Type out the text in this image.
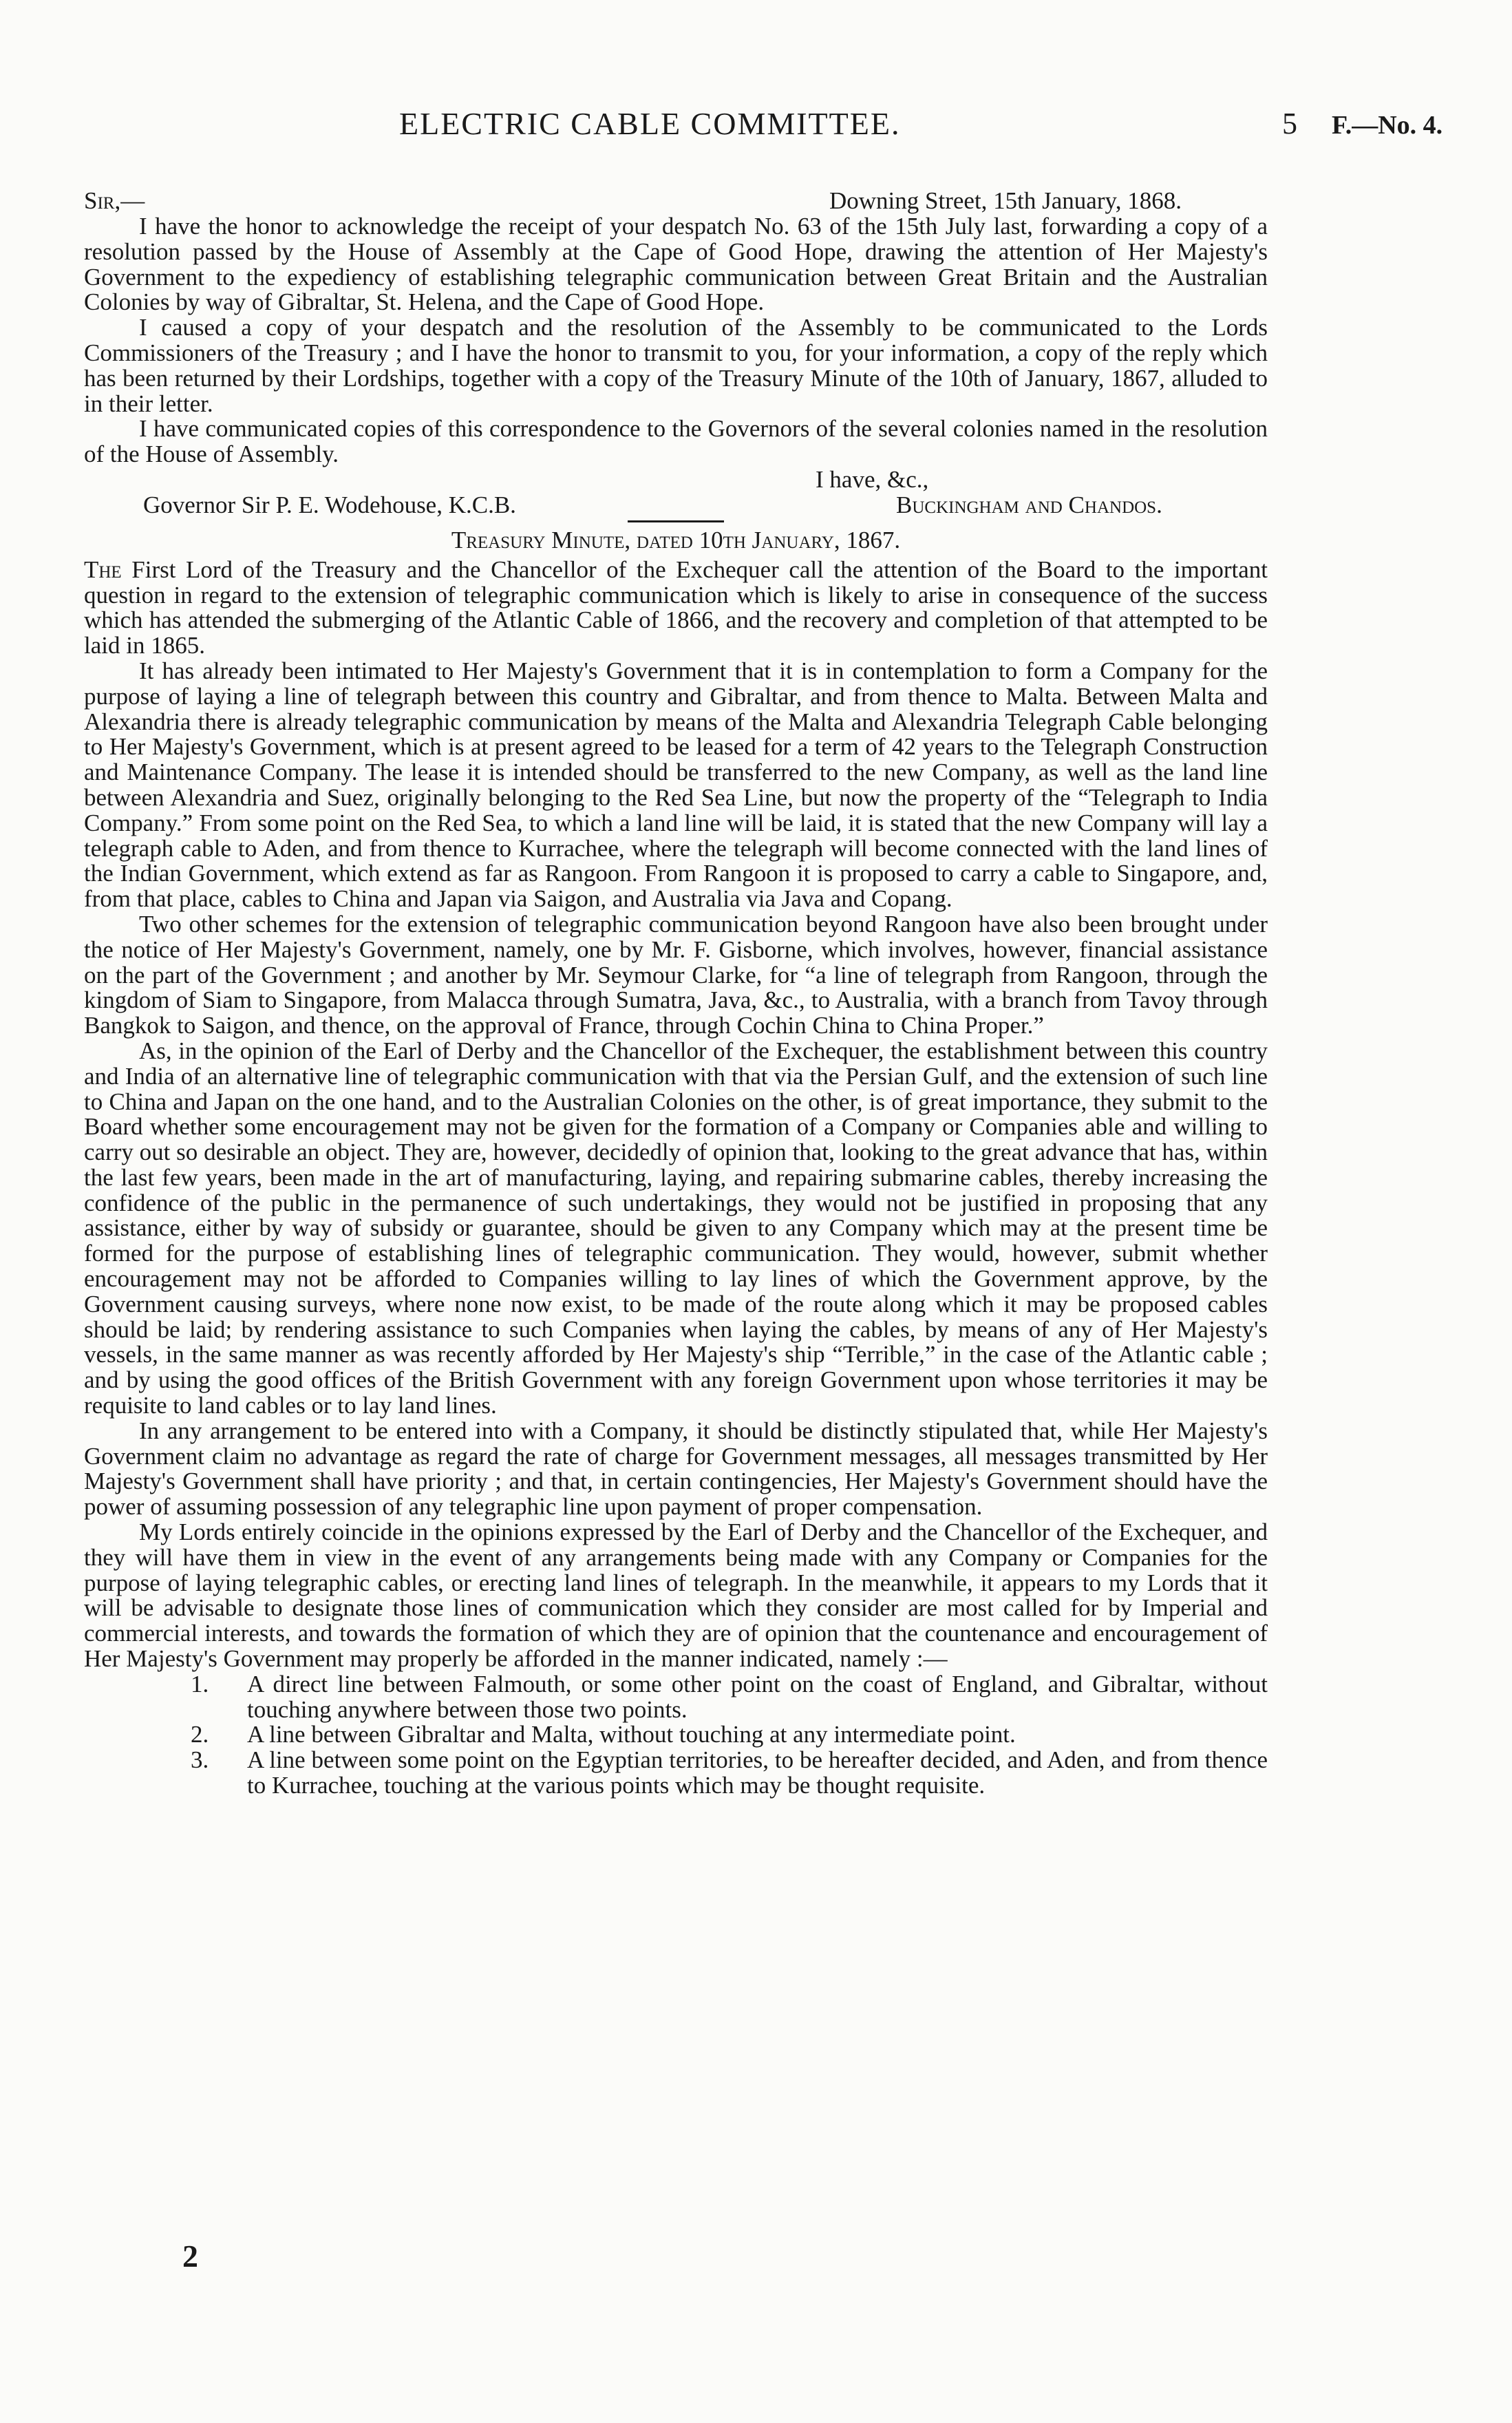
ELECTRIC CABLE COMMITTEE.	5 F.—No. 4.
Sir,—	Downing Street, 15th January, 1868.

I have the honor to acknowledge the receipt of your despatch No. 63 of the 15th July last, forwarding a copy of a resolution passed by the House of Assembly at the Cape of Good Hope, drawing the attention of Her Majesty's Government to the expediency of establishing telegraphic communication between Great Britain and the Australian Colonies by way of Gibraltar, St. Helena, and the Cape of Good Hope.

I caused a copy of your despatch and the resolution of the Assembly to be communicated to the Lords Commissioners of the Treasury ; and I have the honor to transmit to you, for your information, a copy of the reply which has been returned by their Lordships, together with a copy of the Treasury Minute of the 10th of January, 1867, alluded to in their letter.

I have communicated copies of this correspondence to the Governors of the several colonies named in the resolution of the House of Assembly.

I have, &c.,
Governor Sir P. E. Wodehouse, K.C.B.	Buckingham and Chandos.
Treasury Minute, dated 10th January, 1867.

The First Lord of the Treasury and the Chancellor of the Exchequer call the attention of the Board to the important question in regard to the extension of telegraphic communication which is likely to arise in consequence of the success which has attended the submerging of the Atlantic Cable of 1866, and the recovery and completion of that attempted to be laid in 1865.

It has already been intimated to Her Majesty's Government that it is in contemplation to form a Company for the purpose of laying a line of telegraph between this country and Gibraltar, and from thence to Malta. Between Malta and Alexandria there is already telegraphic communication by means of the Malta and Alexandria Telegraph Cable belonging to Her Majesty's Government, which is at present agreed to be leased for a term of 42 years to the Telegraph Construction and Maintenance Company. The lease it is intended should be transferred to the new Company, as well as the land line between Alexandria and Suez, originally belonging to the Red Sea Line, but now the property of the “Telegraph to India Company.” From some point on the Red Sea, to which a land line will be laid, it is stated that the new Company will lay a telegraph cable to Aden, and from thence to Kurrachee, where the telegraph will become connected with the land lines of the Indian Government, which extend as far as Rangoon. From Rangoon it is proposed to carry a cable to Singapore, and, from that place, cables to China and Japan via Saigon, and Australia via Java and Copang.

Two other schemes for the extension of telegraphic communication beyond Rangoon have also been brought under the notice of Her Majesty's Government, namely, one by Mr. F. Gisborne, which involves, however, financial assistance on the part of the Government ; and another by Mr. Seymour Clarke, for “a line of telegraph from Rangoon, through the kingdom of Siam to Singapore, from Malacca through Sumatra, Java, &c., to Australia, with a branch from Tavoy through Bangkok to Saigon, and thence, on the approval of France, through Cochin China to China Proper.”

As, in the opinion of the Earl of Derby and the Chancellor of the Exchequer, the establishment between this country and India of an alternative line of telegraphic communication with that via the Persian Gulf, and the extension of such line to China and Japan on the one hand, and to the Australian Colonies on the other, is of great importance, they submit to the Board whether some encouragement may not be given for the formation of a Company or Companies able and willing to carry out so desirable an object. They are, however, decidedly of opinion that, looking to the great advance that has, within the last few years, been made in the art of manufacturing, laying, and repairing submarine cables, thereby increasing the confidence of the public in the permanence of such undertakings, they would not be justified in proposing that any assistance, either by way of subsidy or guarantee, should be given to any Company which may at the present time be formed for the purpose of establishing lines of telegraphic communication. They would, however, submit whether encouragement may not be afforded to Companies willing to lay lines of which the Government approve, by the Government causing surveys, where none now exist, to be made of the route along which it may be proposed cables should be laid; by rendering assistance to such Companies when laying the cables, by means of any of Her Majesty's vessels, in the same manner as was recently afforded by Her Majesty's ship “Terrible,” in the case of the Atlantic cable ; and by using the good offices of the British Government with any foreign Government upon whose territories it may be requisite to land cables or to lay land lines.

In any arrangement to be entered into with a Company, it should be distinctly stipulated that, while Her Majesty's Government claim no advantage as regard the rate of charge for Government messages, all messages transmitted by Her Majesty's Government shall have priority ; and that, in certain contingencies, Her Majesty's Government should have the power of assuming possession of any telegraphic line upon payment of proper compensation.

My Lords entirely coincide in the opinions expressed by the Earl of Derby and the Chancellor of the Exchequer, and they will have them in view in the event of any arrangements being made with any Company or Companies for the purpose of laying telegraphic cables, or erecting land lines of telegraph. In the meanwhile, it appears to my Lords that it will be advisable to designate those lines of communication which they consider are most called for by Imperial and commercial interests, and towards the formation of which they are of opinion that the countenance and encouragement of Her Majesty's Government may properly be afforded in the manner indicated, namely :—

1. A direct line between Falmouth, or some other point on the coast of England, and Gibraltar, without touching anywhere between those two points.
2. A line between Gibraltar and Malta, without touching at any intermediate point.
3. A line between some point on the Egyptian territories, to be hereafter decided, and Aden, and from thence to Kurrachee, touching at the various points which may be thought requisite.
2
